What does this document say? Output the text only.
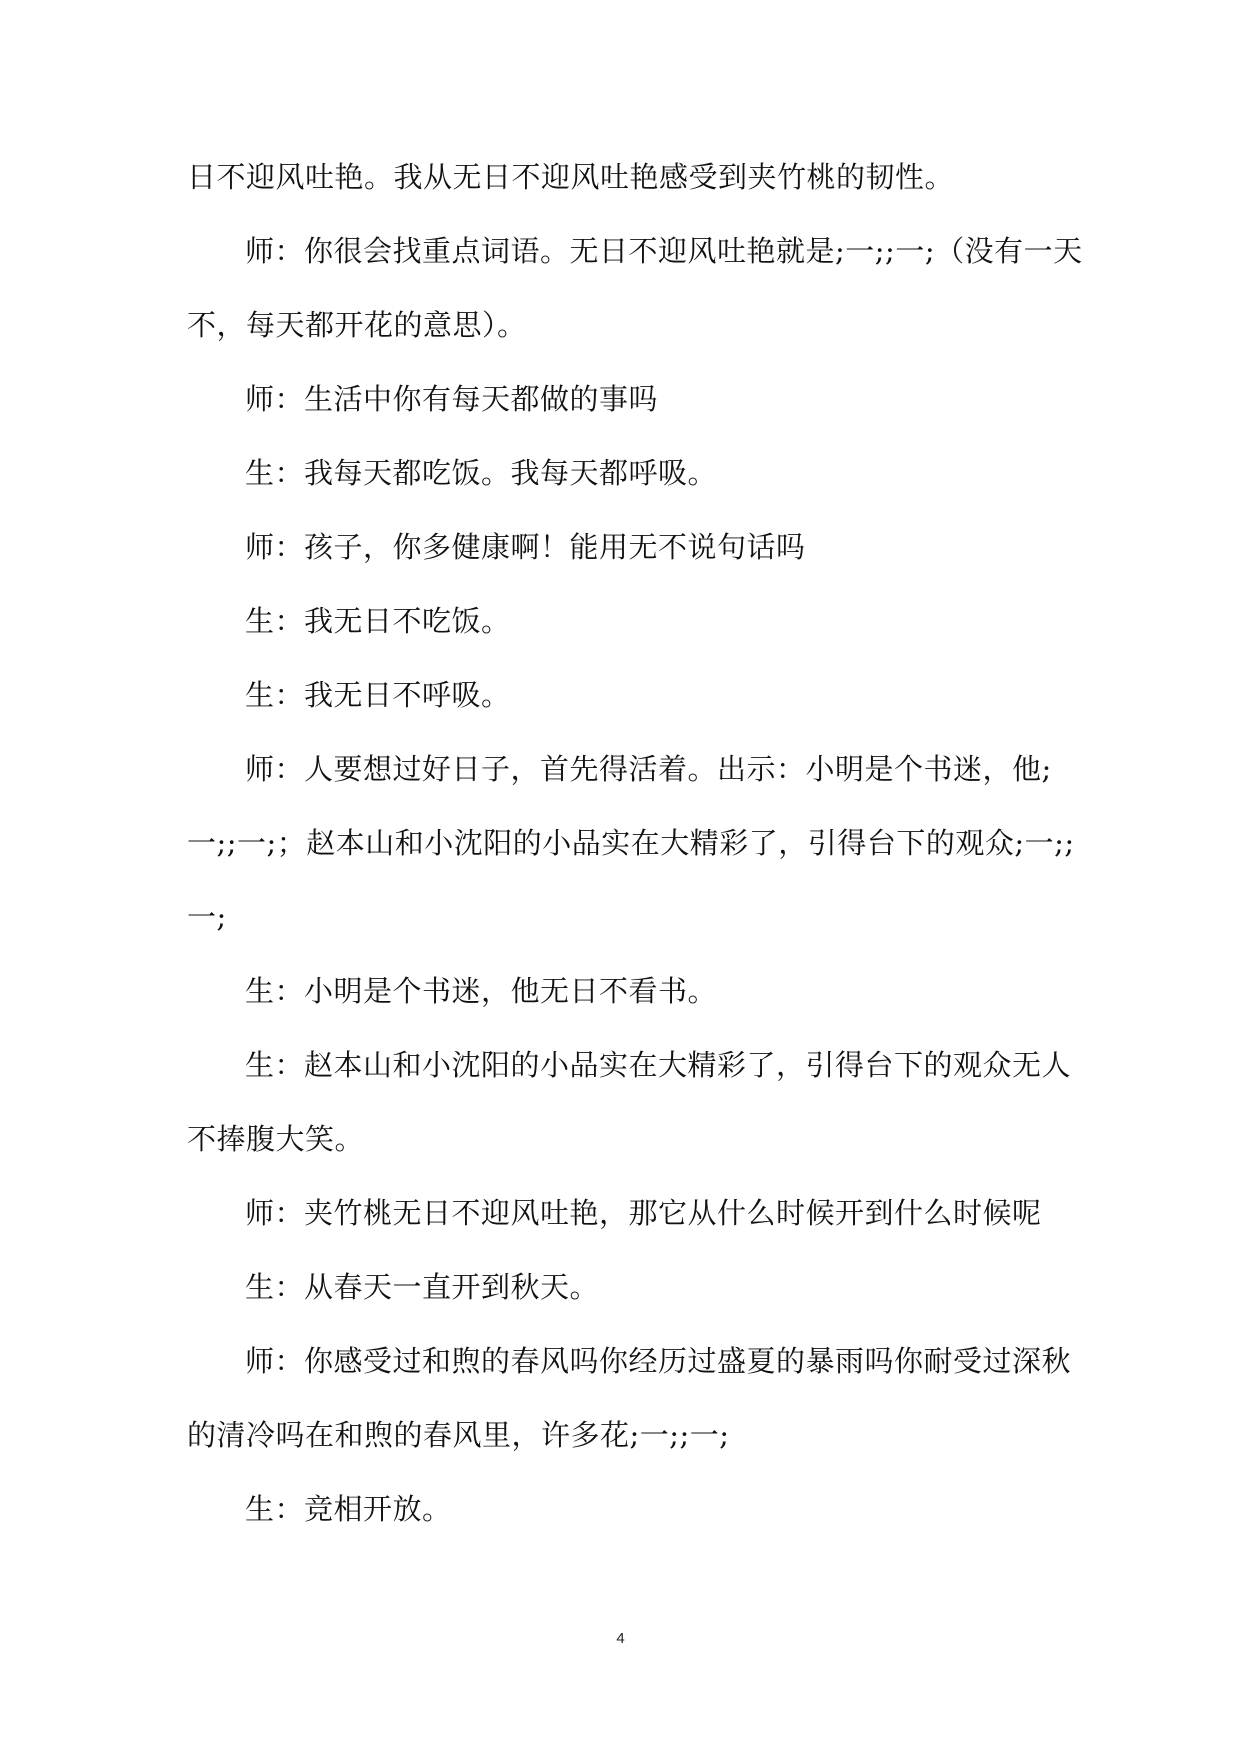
日不迎风吐艳。我从无日不迎风吐艳感受到夹竹桃的韧性。
师：你很会找重点词语。无日不迎风吐艳就是;一;;一;（没有一天
不，每天都开花的意思）。
师：生活中你有每天都做的事吗
生：我每天都吃饭。我每天都呼吸。
师：孩子，你多健康啊！能用无不说句话吗
生：我无日不吃饭。
生：我无日不呼吸。
师：人要想过好日子，首先得活着。出示：小明是个书迷，他;
一;;一;；赵本山和小沈阳的小品实在大精彩了，引得台下的观众;一;;
一;
生：小明是个书迷，他无日不看书。
生：赵本山和小沈阳的小品实在大精彩了，引得台下的观众无人
不捧腹大笑。
师：夹竹桃无日不迎风吐艳，那它从什么时候开到什么时候呢
生：从春天一直开到秋天。
师：你感受过和煦的春风吗你经历过盛夏的暴雨吗你耐受过深秋
的清冷吗在和煦的春风里，许多花;一;;一;
生：竞相开放。
4
